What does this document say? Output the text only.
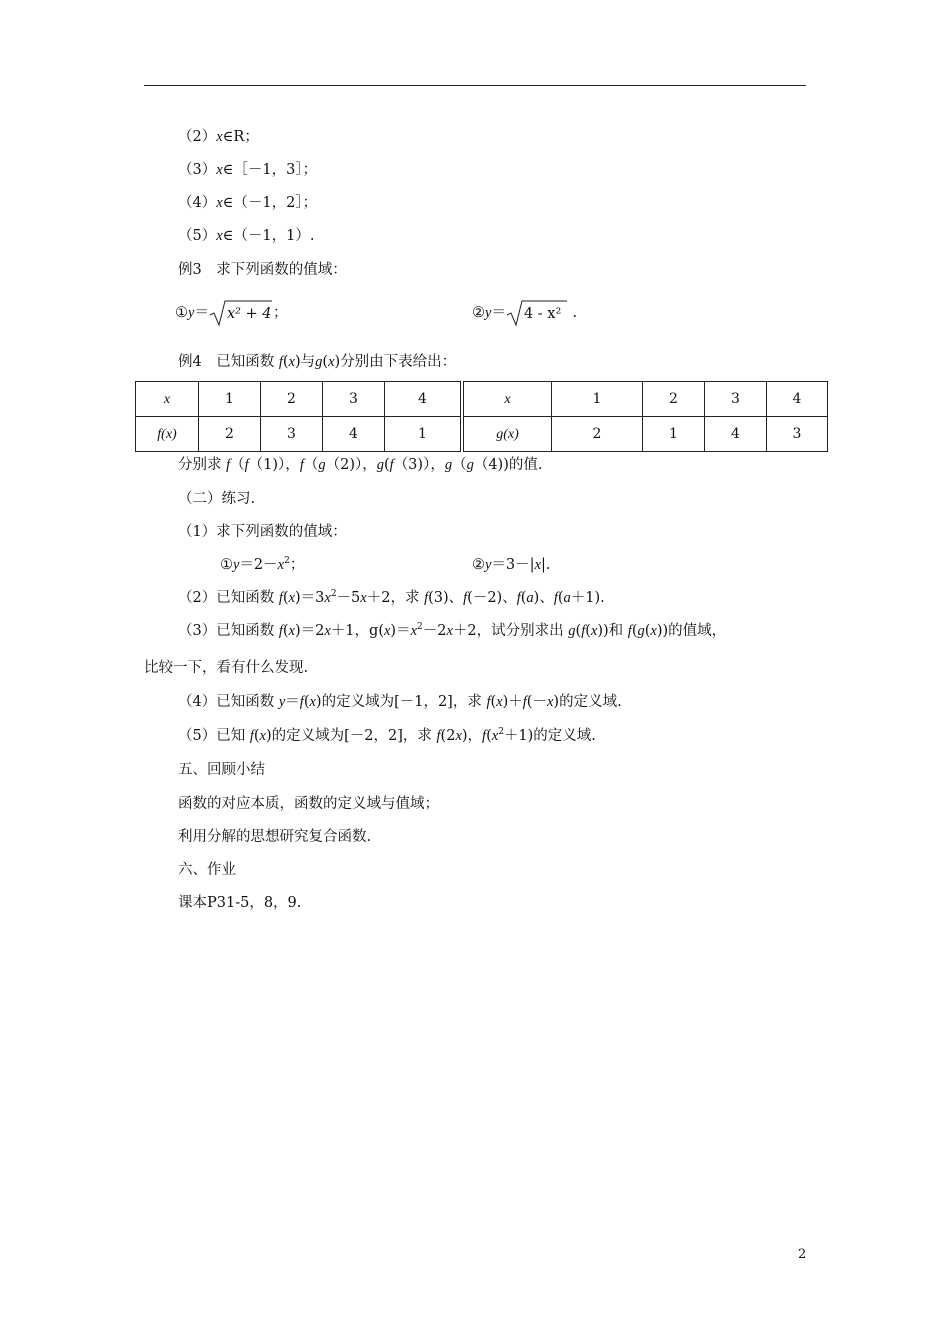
（2）x∈R；
（3）x∈［－1，3］；
（4）x∈（－1，2］；
（5）x∈（－1，1）.
例3　求下列函数的值域：
①y＝ x² + 4 ；	②y＝ 4 - x² .
例4　已知函数 f(x)与g(x)分别由下表给出：
x	1	2	3	4	x	1	2	3	4
f(x)	2	3	4	1	g(x)	2	1	4	3
分别求 f（f（1)），f（g（2)），g(f（3)），g（g（4))的值.
（二）练习.
（1）求下列函数的值域：
$①y=2-x^2$；	②y＝3－|x|.
（2）已知函数 $f(x)=3x^2-5x+2$，求 f(3)、f(－2)、f(a)、f(a＋1).
（3）已知函数 f(x)＝2x＋1，$g(x)=x^2-2x+2$，试分别求出 g(f(x))和 f(g(x))的值域，
比较一下，看有什么发现.
（4）已知函数 y＝f(x)的定义域为[－1，2]，求 f(x)＋f(－x)的定义域.
（5）已知 f(x)的定义域为[－2，2]，求 f(2x)，$f(x^2+1)$的定义域.
五、回顾小结
函数的对应本质，函数的定义域与值域；
利用分解的思想研究复合函数.
六、作业
课本P31-5，8，9.
2
